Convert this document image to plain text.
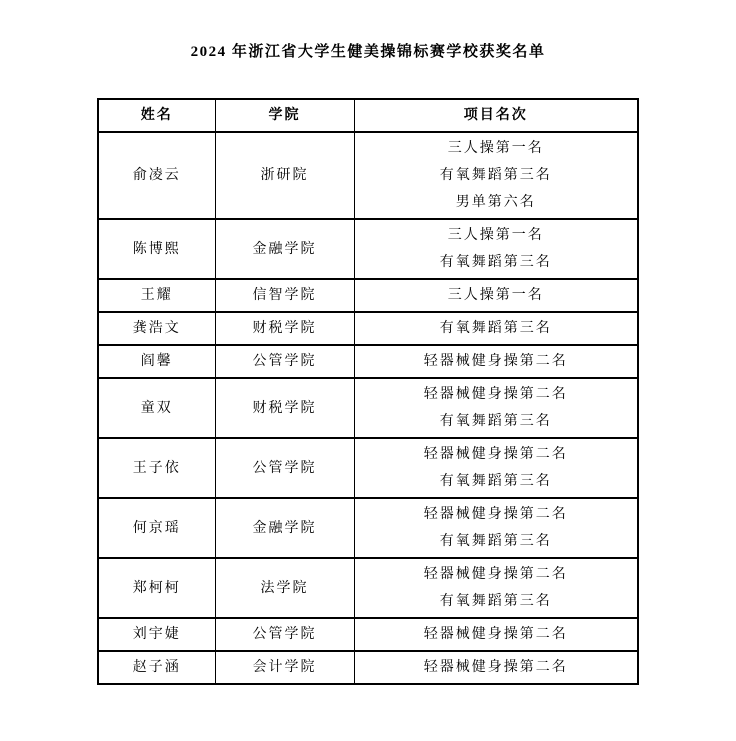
2024 年浙江省大学生健美操锦标赛学校获奖名单
姓名	学院	项目名次
俞凌云	浙研院	三人操第一名
有氧舞蹈第三名
男单第六名

陈博熙	金融学院	三人操第一名
有氧舞蹈第三名

王耀	信智学院	三人操第一名

龚浩文	财税学院	有氧舞蹈第三名

阎馨	公管学院	轻器械健身操第二名

童双	财税学院	轻器械健身操第二名
有氧舞蹈第三名

王子依	公管学院	轻器械健身操第二名
有氧舞蹈第三名

何京瑶	金融学院	轻器械健身操第二名
有氧舞蹈第三名

郑柯柯	法学院	轻器械健身操第二名
有氧舞蹈第三名

刘宇婕	公管学院	轻器械健身操第二名

赵子涵	会计学院	轻器械健身操第二名
